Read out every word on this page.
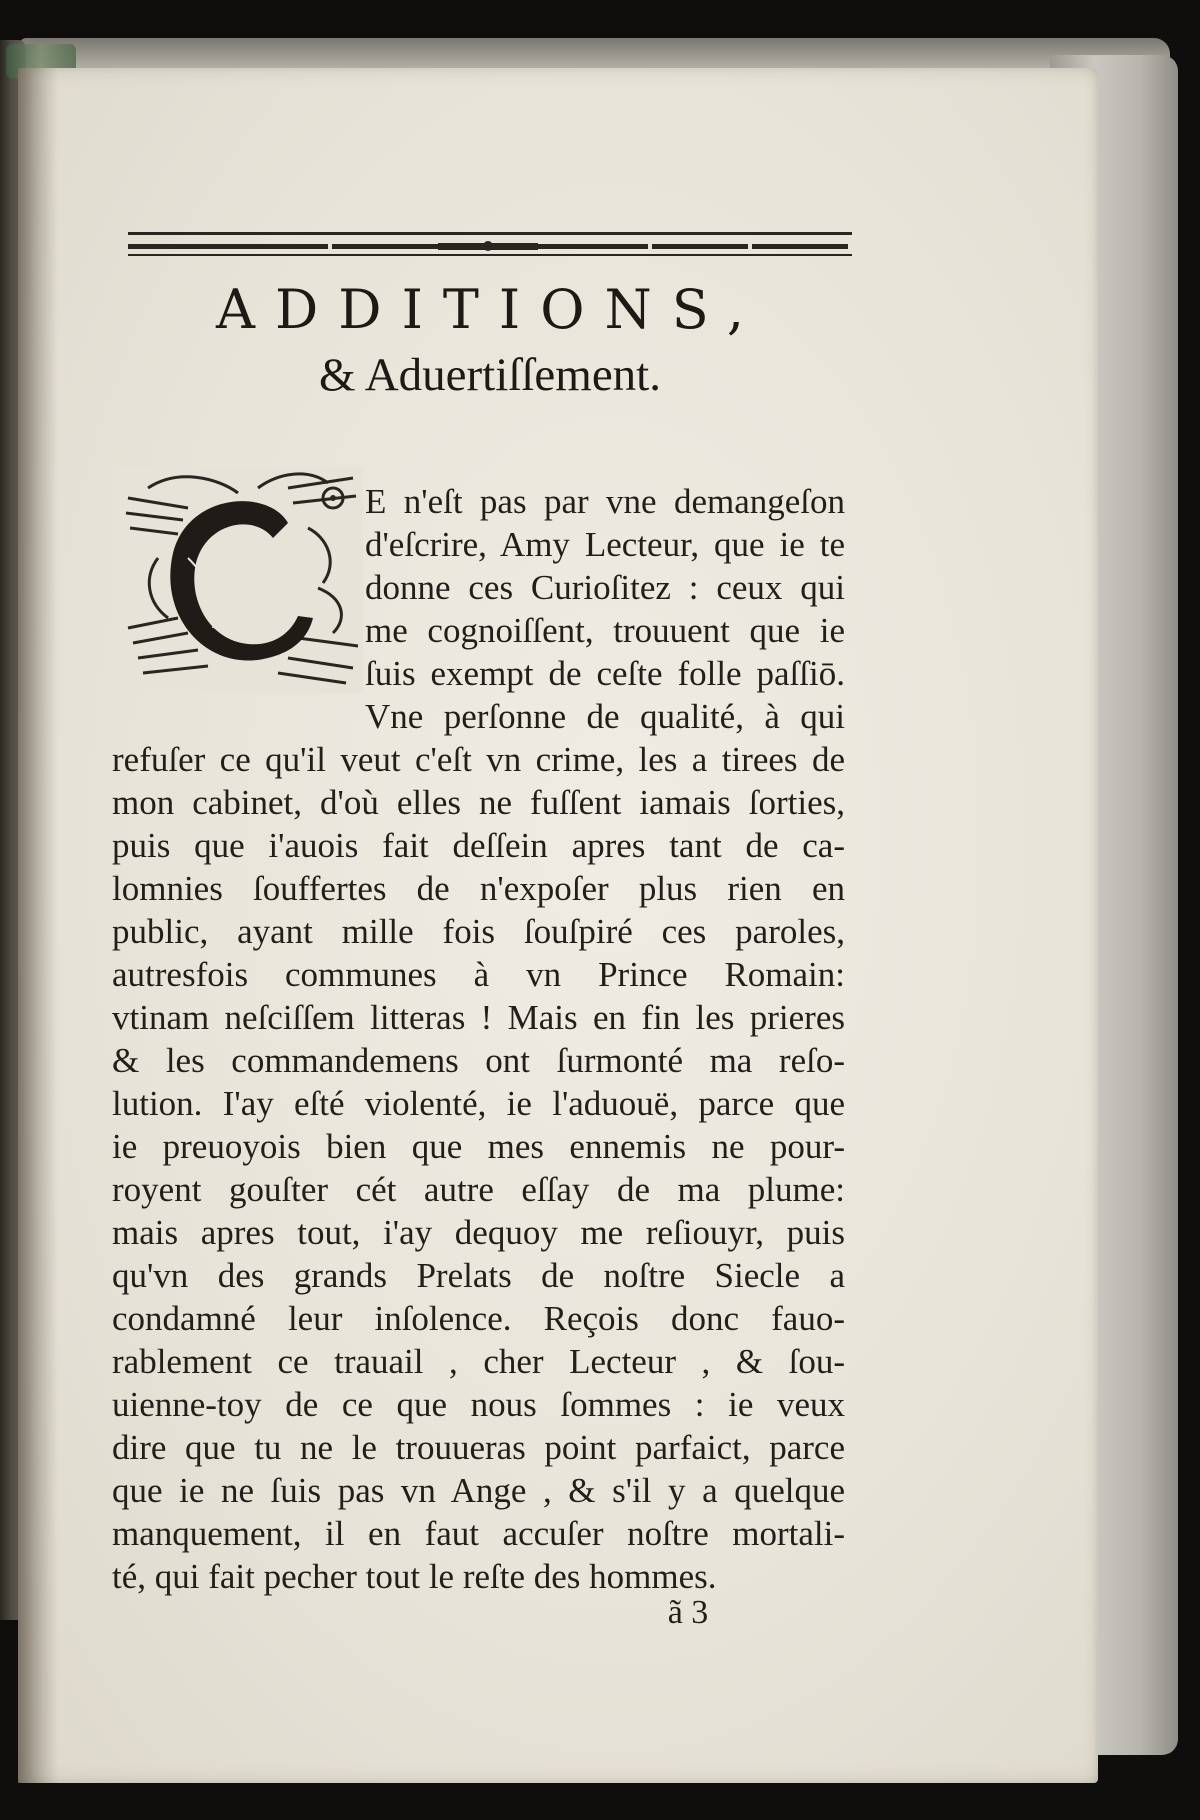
ADDITIONS,
& Aduertiſſement.
E n'eſt pas par vne demangeſon
d'eſcrire, Amy Lecteur, que ie te
donne ces Curioſitez : ceux qui
me cognoiſſent, trouuent que ie
ſuis exempt de ceſte folle paſſiō.
Vne perſonne de qualité, à qui
refuſer ce qu'il veut c'eſt vn crime, les a tirees de
mon cabinet, d'où elles ne fuſſent iamais ſorties,
puis que i'auois fait deſſein apres tant de ca-
lomnies ſouffertes de n'expoſer plus rien en
public, ayant mille fois ſouſpiré ces paroles,
autresfois communes à vn Prince Romain:
vtinam neſciſſem litteras ! Mais en fin les prieres
& les commandemens ont ſurmonté ma reſo-
lution. I'ay eſté violenté, ie l'aduouë, parce que
ie preuoyois bien que mes ennemis ne pour-
royent gouſter cét autre eſſay de ma plume:
mais apres tout, i'ay dequoy me reſiouyr, puis
qu'vn des grands Prelats de noſtre Siecle a
condamné leur inſolence. Reçois donc fauo-
rablement ce trauail , cher Lecteur , & ſou-
uienne-toy de ce que nous ſommes : ie veux
dire que tu ne le trouueras point parfaict, parce
que ie ne ſuis pas vn Ange , & s'il y a quelque
manquement, il en faut accuſer noſtre mortali-
té, qui fait pecher tout le reſte des hommes.
ã 3
